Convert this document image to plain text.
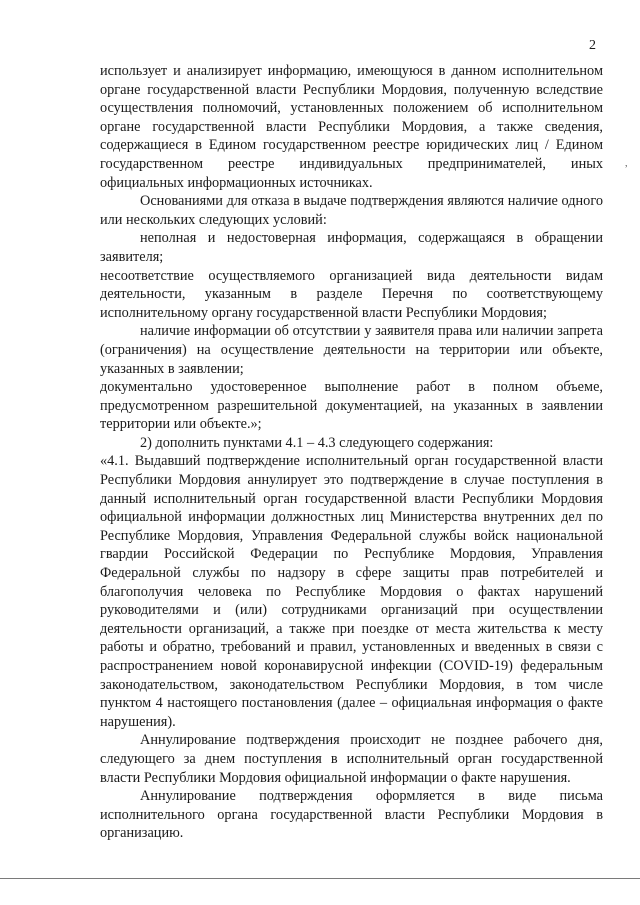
2
,

использует и анализирует информацию, имеющуюся в данном исполнительном органе государственной власти Республики Мордовия, полученную вследствие осуществления полномочий, установленных положением об исполнительном органе государственной власти Республики Мордовия, а также сведения, содержащиеся в Едином государственном реестре юридических лиц / Едином государственном реестре индивидуальных предпринимателей, иных официальных информационных источниках.

Основаниями для отказа в выдаче подтверждения являются наличие одного или нескольких следующих условий:

неполная и недостоверная информация, содержащаяся в обращении заявителя;

несоответствие осуществляемого организацией вида деятельности видам деятельности, указанным в разделе Перечня по соответствующему исполнительному органу государственной власти Республики Мордовия;

наличие информации об отсутствии у заявителя права или наличии запрета (ограничения) на осуществление деятельности на территории или объекте, указанных в заявлении;

документально удостоверенное выполнение работ в полном объеме, предусмотренном разрешительной документацией, на указанных в заявлении территории или объекте.»;

2) дополнить пунктами 4.1 – 4.3 следующего содержания:

«4.1. Выдавший подтверждение исполнительный орган государственной власти Республики Мордовия аннулирует это подтверждение в случае поступления в данный исполнительный орган государственной власти Республики Мордовия официальной информации должностных лиц Министерства внутренних дел по Республике Мордовия, Управления Федеральной службы войск национальной гвардии Российской Федерации по Республике Мордовия, Управления Федеральной службы по надзору в сфере защиты прав потребителей и благополучия человека по Республике Мордовия о фактах нарушений руководителями и (или) сотрудниками организаций при осуществлении деятельности организаций, а также при поездке от места жительства к месту работы и обратно, требований и правил, установленных и введенных в связи с распространением новой коронавирусной инфекции (COVID-19) федеральным законодательством, законодательством Республики Мордовия, в том числе пунктом 4 настоящего постановления (далее – официальная информация о факте нарушения).

Аннулирование подтверждения происходит не позднее рабочего дня, следующего за днем поступления в исполнительный орган государственной власти Республики Мордовия официальной информации о факте нарушения.

Аннулирование подтверждения оформляется в виде письма исполнительного органа государственной власти Республики Мордовия в организацию.
